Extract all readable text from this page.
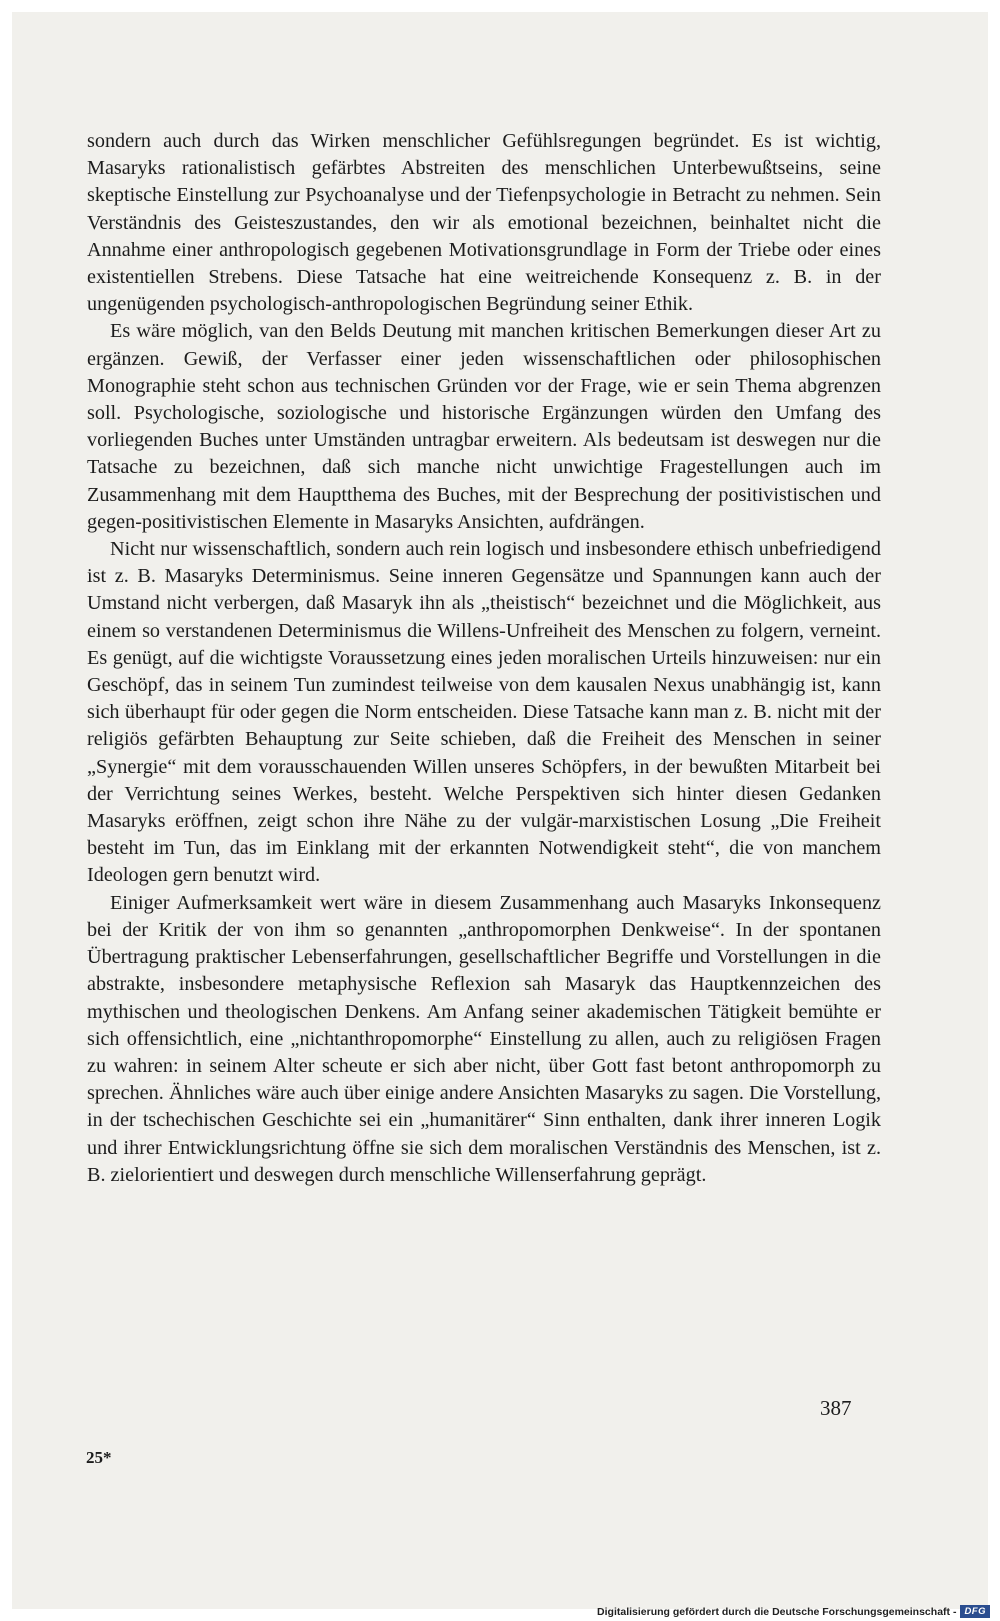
sondern auch durch das Wirken menschlicher Gefühlsregungen begründet. Es ist wichtig, Masaryks rationalistisch gefärbtes Abstreiten des menschlichen Unterbewußtseins, seine skeptische Einstellung zur Psychoanalyse und der Tiefenpsychologie in Betracht zu nehmen. Sein Verständnis des Geisteszustandes, den wir als emotional bezeichnen, beinhaltet nicht die Annahme einer anthropologisch gegebenen Motivationsgrundlage in Form der Triebe oder eines existentiellen Strebens. Diese Tatsache hat eine weitreichende Konsequenz z. B. in der ungenügenden psychologisch-anthropologischen Begründung seiner Ethik.

Es wäre möglich, van den Belds Deutung mit manchen kritischen Bemerkungen dieser Art zu ergänzen. Gewiß, der Verfasser einer jeden wissenschaftlichen oder philosophischen Monographie steht schon aus technischen Gründen vor der Frage, wie er sein Thema abgrenzen soll. Psychologische, soziologische und historische Ergänzungen würden den Umfang des vorliegenden Buches unter Umständen untragbar erweitern. Als bedeutsam ist deswegen nur die Tatsache zu bezeichnen, daß sich manche nicht unwichtige Fragestellungen auch im Zusammenhang mit dem Hauptthema des Buches, mit der Besprechung der positivistischen und gegen-positivistischen Elemente in Masaryks Ansichten, aufdrängen.

Nicht nur wissenschaftlich, sondern auch rein logisch und insbesondere ethisch unbefriedigend ist z. B. Masaryks Determinismus. Seine inneren Gegensätze und Spannungen kann auch der Umstand nicht verbergen, daß Masaryk ihn als „theistisch“ bezeichnet und die Möglichkeit, aus einem so verstandenen Determinismus die Willens-Unfreiheit des Menschen zu folgern, verneint. Es genügt, auf die wichtigste Voraussetzung eines jeden moralischen Urteils hinzuweisen: nur ein Geschöpf, das in seinem Tun zumindest teilweise von dem kausalen Nexus unabhängig ist, kann sich überhaupt für oder gegen die Norm entscheiden. Diese Tatsache kann man z. B. nicht mit der religiös gefärbten Behauptung zur Seite schieben, daß die Freiheit des Menschen in seiner „Synergie“ mit dem vorausschauenden Willen unseres Schöpfers, in der bewußten Mitarbeit bei der Verrichtung seines Werkes, besteht. Welche Perspektiven sich hinter diesen Gedanken Masaryks eröffnen, zeigt schon ihre Nähe zu der vulgär-marxistischen Losung „Die Freiheit besteht im Tun, das im Einklang mit der erkannten Notwendigkeit steht“, die von manchem Ideologen gern benutzt wird.

Einiger Aufmerksamkeit wert wäre in diesem Zusammenhang auch Masaryks Inkonsequenz bei der Kritik der von ihm so genannten „anthropomorphen Denkweise“. In der spontanen Übertragung praktischer Lebenserfahrungen, gesellschaftlicher Begriffe und Vorstellungen in die abstrakte, insbesondere metaphysische Reflexion sah Masaryk das Hauptkennzeichen des mythischen und theologischen Denkens. Am Anfang seiner akademischen Tätigkeit bemühte er sich offensichtlich, eine „nichtanthropomorphe“ Einstellung zu allen, auch zu religiösen Fragen zu wahren: in seinem Alter scheute er sich aber nicht, über Gott fast betont anthropomorph zu sprechen. Ähnliches wäre auch über einige andere Ansichten Masaryks zu sagen. Die Vorstellung, in der tschechischen Geschichte sei ein „humanitärer“ Sinn enthalten, dank ihrer inneren Logik und ihrer Entwicklungsrichtung öffne sie sich dem moralischen Verständnis des Menschen, ist z. B. zielorientiert und deswegen durch menschliche Willenserfahrung geprägt.

387
25*
Digitalisierung gefördert durch die Deutsche Forschungsgemeinschaft - DFG
